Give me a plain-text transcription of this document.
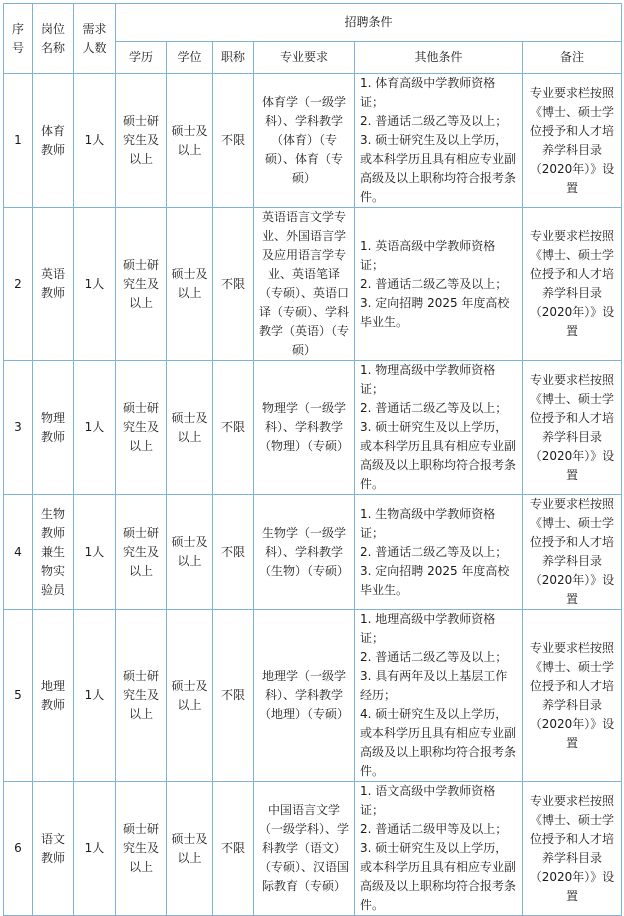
序号	岗位名称	需求人数	招聘条件					
			学历	学位	职称	专业要求	其他条件	备注
1	体育教师	1人	硕士研究生及以上	硕士及以上	不限	体育学（一级学科）、学科教学（体育）（专硕）、体育（专硕）	1. 体育高级中学教师资格证；
2. 普通话二级乙等及以上；
3. 硕士研究生及以上学历，或本科学历且具有相应专业副高级及以上职称均符合报考条件。	专业要求栏按照《博士、硕士学位授予和人才培养学科目录（2020年）》设置
2	英语教师	1人	硕士研究生及以上	硕士及以上	不限	英语语言文学专业、外国语言学及应用语言学专业、英语笔译（专硕）、英语口译（专硕）、学科教学（英语）（专硕）	1. 英语高级中学教师资格证；
2. 普通话二级乙等及以上；
3. 定向招聘 2025 年度高校毕业生。	专业要求栏按照《博士、硕士学位授予和人才培养学科目录（2020年）》设置
3	物理教师	1人	硕士研究生及以上	硕士及以上	不限	物理学（一级学科）、学科教学（物理）（专硕）	1. 物理高级中学教师资格证；
2. 普通话二级乙等及以上；
3. 硕士研究生及以上学历，或本科学历且具有相应专业副高级及以上职称均符合报考条件。	专业要求栏按照《博士、硕士学位授予和人才培养学科目录（2020年）》设置
4	生物教师兼生物实验员	1人	硕士研究生及以上	硕士及以上	不限	生物学（一级学科）、学科教学（生物）（专硕）	1. 生物高级中学教师资格证；
2. 普通话二级乙等及以上；
3. 定向招聘 2025 年度高校毕业生。	专业要求栏按照《博士、硕士学位授予和人才培养学科目录（2020年）》设置
5	地理教师	1人	硕士研究生及以上	硕士及以上	不限	地理学（一级学科）、学科教学（地理）（专硕）	1. 地理高级中学教师资格证；
2. 普通话二级乙等及以上；
3. 具有两年及以上基层工作经历；
4. 硕士研究生及以上学历，或本科学历且具有相应专业副高级及以上职称均符合报考条件。	专业要求栏按照《博士、硕士学位授予和人才培养学科目录（2020年）》设置
6	语文教师	1人	硕士研究生及以上	硕士及以上	不限	中国语言文学（一级学科）、学科教学（语文）（专硕）、汉语国际教育（专硕）	1. 语文高级中学教师资格证；
2. 普通话二级甲等及以上；
3. 硕士研究生及以上学历，或本科学历且具有相应专业副高级及以上职称均符合报考条件。	专业要求栏按照《博士、硕士学位授予和人才培养学科目录（2020年）》设置
